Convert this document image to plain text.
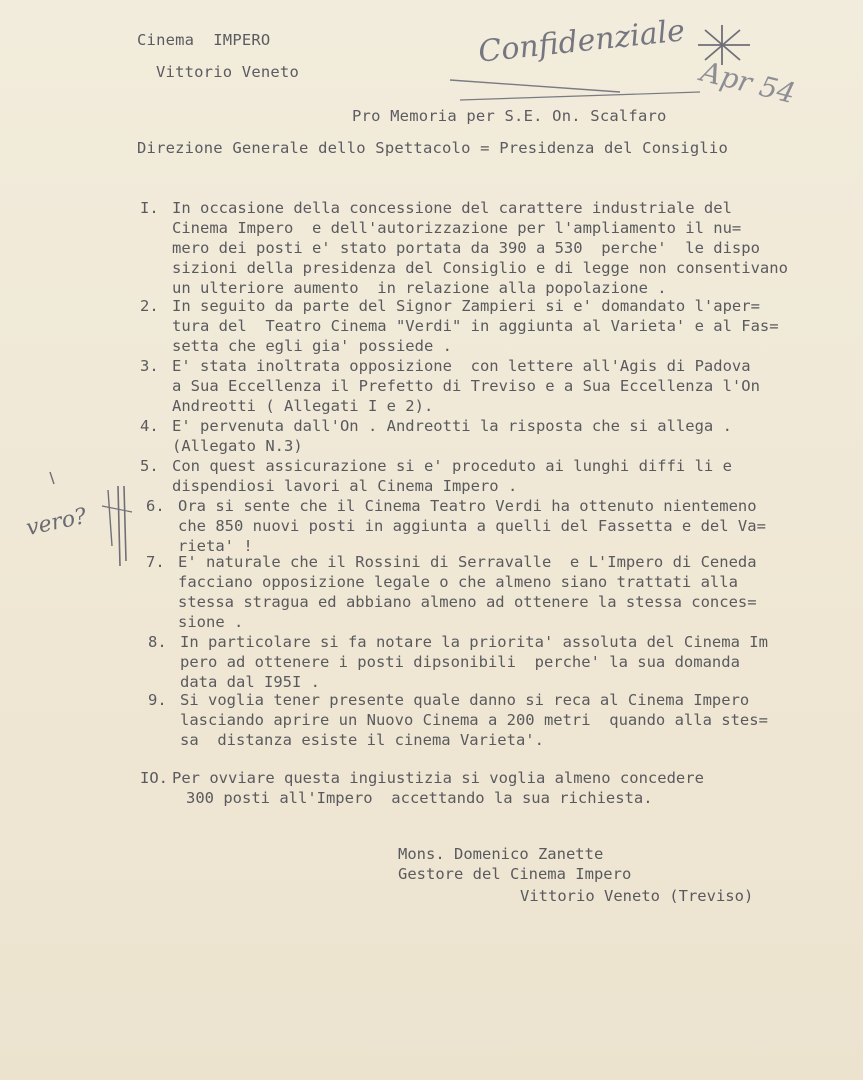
Cinema  IMPERO
Vittorio Veneto
Confidenziale
Apr 54
Pro Memoria per S.E. On. Scalfaro
Direzione Generale dello Spettacolo = Presidenza del Consiglio
I. In occasione della concessione del carattere industriale del
Cinema Impero  e dell'autorizzazione per l'ampliamento il nu=
mero dei posti e' stato portata da 390 a 530  perche'  le dispo
sizioni della presidenza del Consiglio e di legge non consentivano
un ulteriore aumento  in relazione alla popolazione .
2. In seguito da parte del Signor Zampieri si e' domandato l'aper=
tura del  Teatro Cinema "Verdi" in aggiunta al Varieta' e al Fas=
setta che egli gia' possiede .
3. E' stata inoltrata opposizione  con lettere all'Agis di Padova
a Sua Eccellenza il Prefetto di Treviso e a Sua Eccellenza l'On
Andreotti ( Allegati I e 2).
4. E' pervenuta dall'On . Andreotti la risposta che si allega .
(Allegato N.3)
5. Con quest assicurazione si e' proceduto ai lunghi diffi li e
dispendiosi lavori al Cinema Impero .
6. Ora si sente che il Cinema Teatro Verdi ha ottenuto nientemeno
che 850 nuovi posti in aggiunta a quelli del Fassetta e del Va=
rieta' !
7. E' naturale che il Rossini di Serravalle  e L'Impero di Ceneda
facciano opposizione legale o che almeno siano trattati alla
stessa stragua ed abbiano almeno ad ottenere la stessa conces=
sione .
8. In particolare si fa notare la priorita' assoluta del Cinema Im
pero ad ottenere i posti dipsonibili  perche' la sua domanda
data dal I95I .
9. Si voglia tener presente quale danno si reca al Cinema Impero
lasciando aprire un Nuovo Cinema a 200 metri  quando alla stes=
sa  distanza esiste il cinema Varieta'.
IO. Per ovviare questa ingiustizia si voglia almeno concedere
300 posti all'Impero  accettando la sua richiesta.
vero?
Mons. Domenico Zanette
Gestore del Cinema Impero
Vittorio Veneto (Treviso)
